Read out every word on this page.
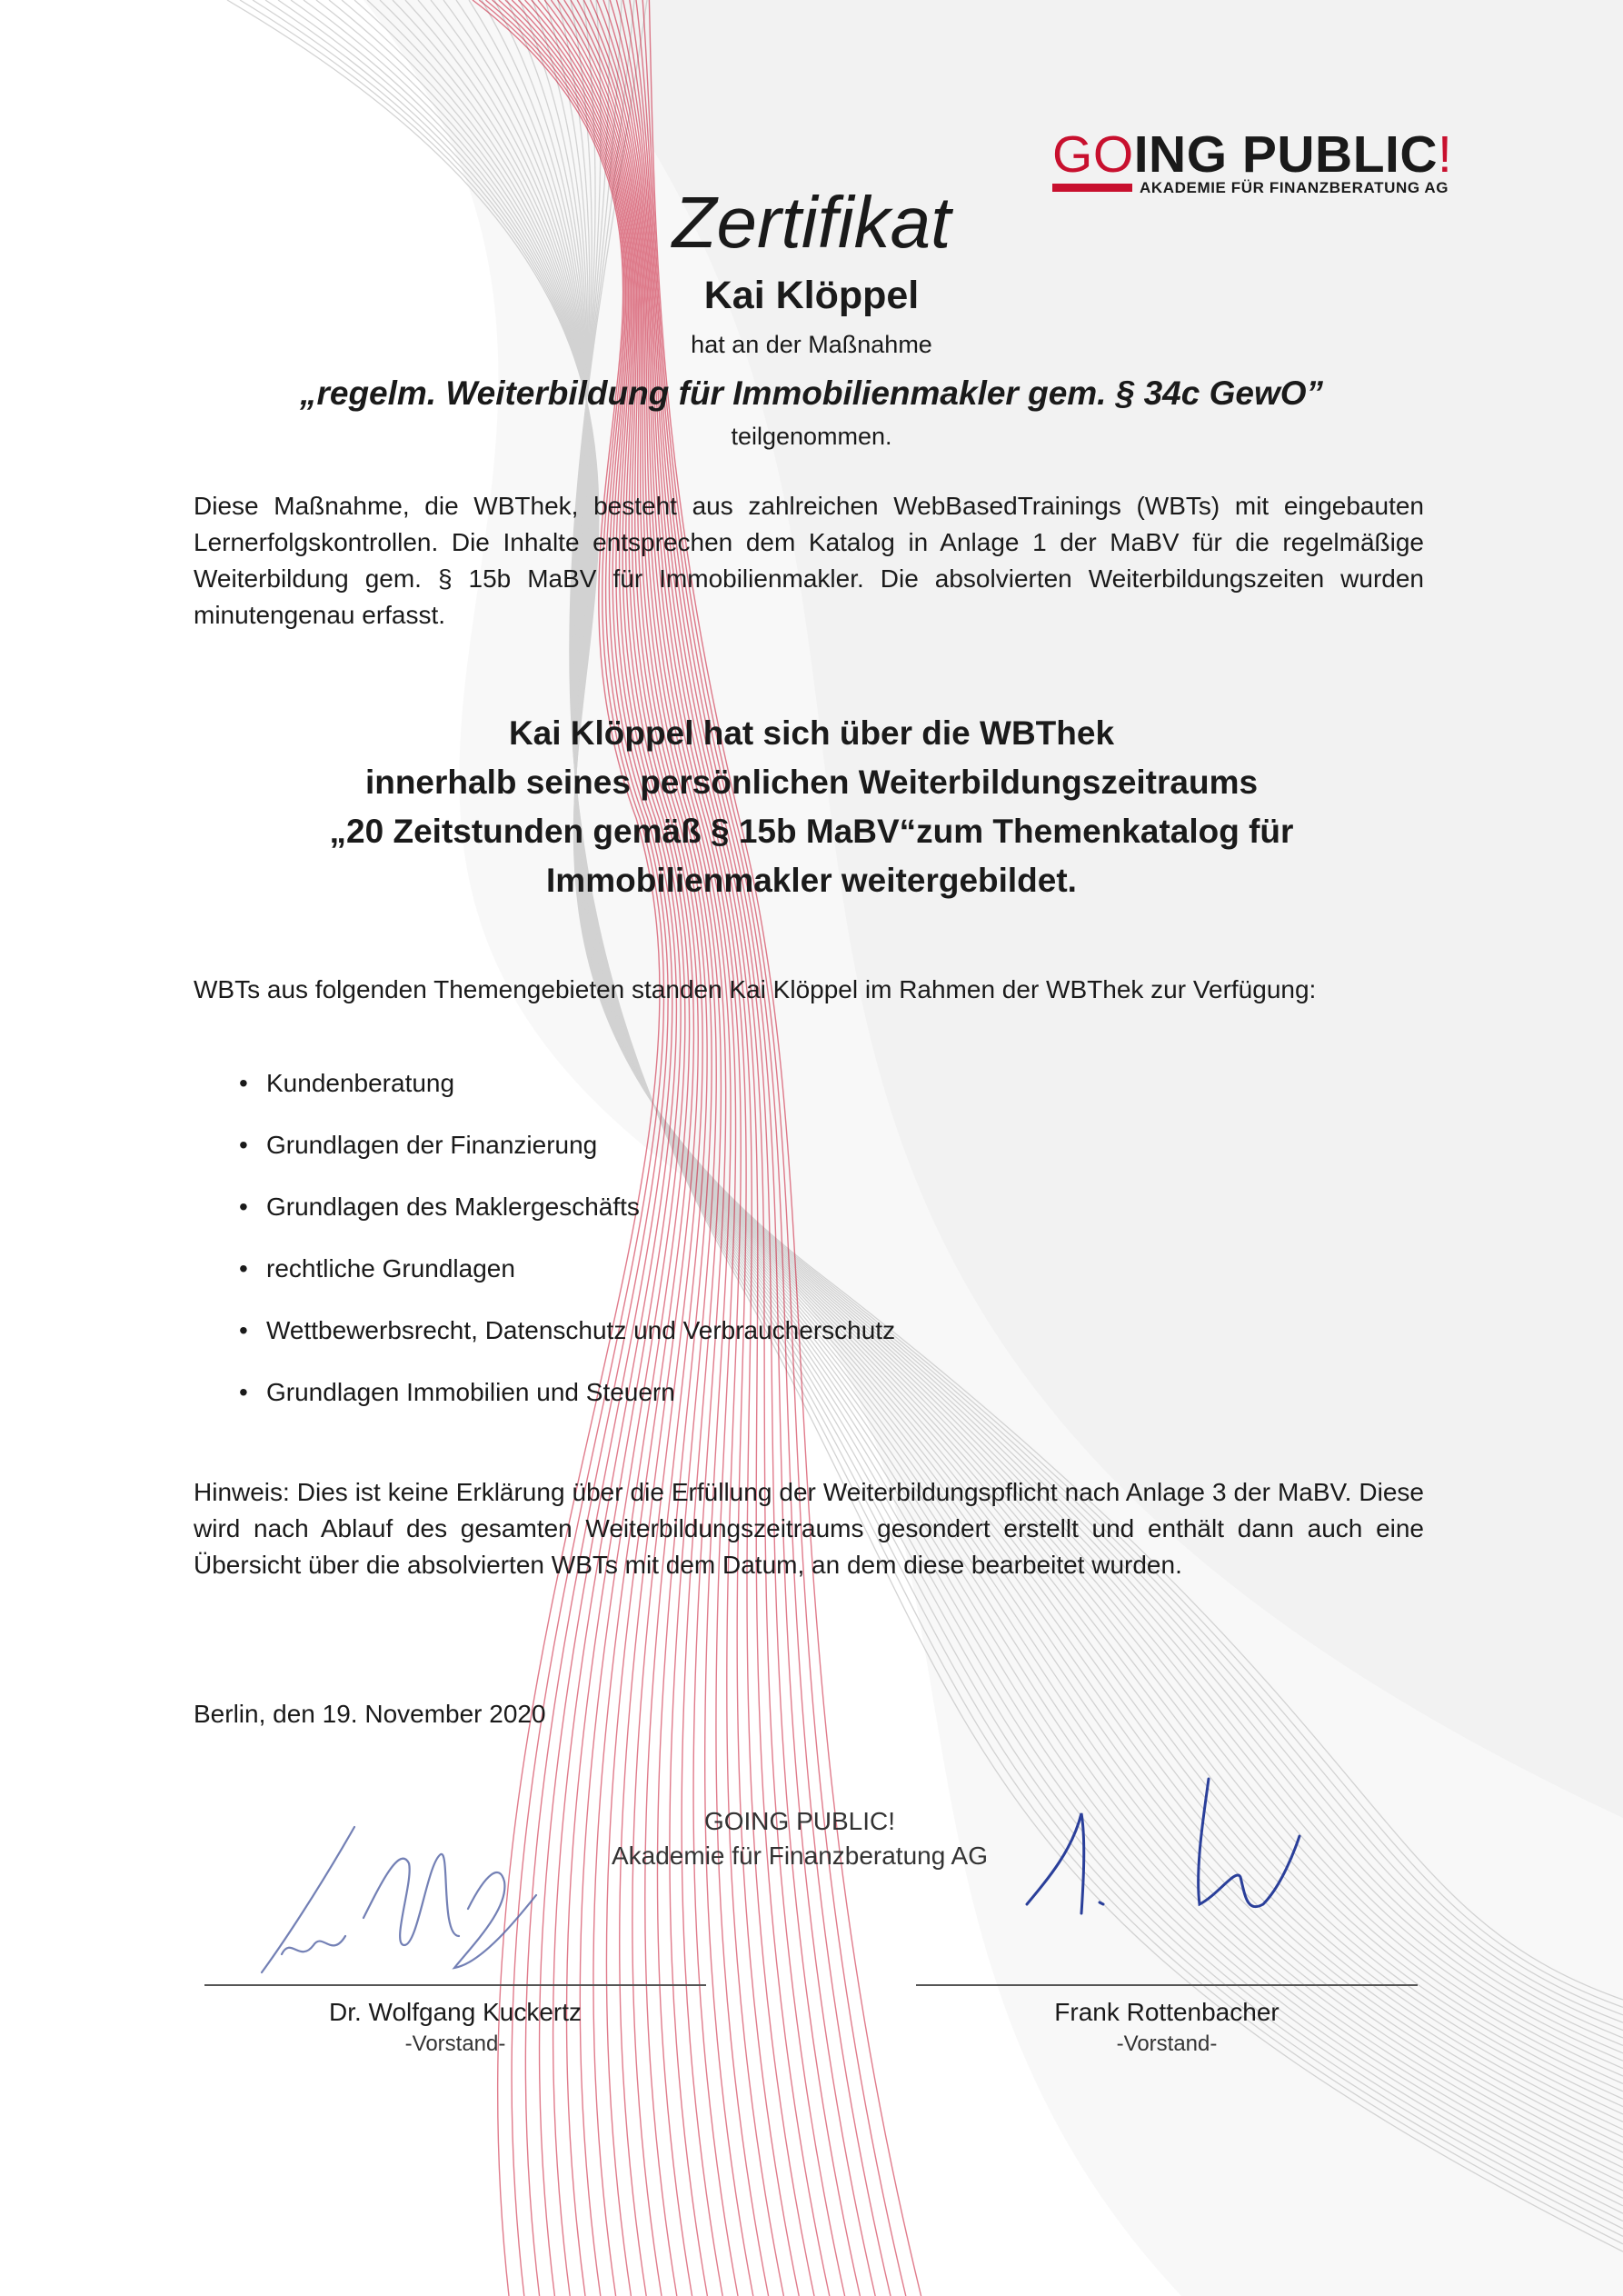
GOING PUBLIC!
AKADEMIE FÜR FINANZBERATUNG AG
Zertifikat
Kai Klöppel
hat an der Maßnahme
„regelm. Weiterbildung für Immobilienmakler gem. § 34c GewO”
teilgenommen.
Diese Maßnahme, die WBThek, besteht aus zahlreichen WebBasedTrainings (WBTs) mit eingebauten Lernerfolgskontrollen. Die Inhalte entsprechen dem Katalog in Anlage 1 der MaBV für die regelmäßige Weiterbildung gem. § 15b MaBV für Immobilienmakler. Die absolvierten Weiterbildungszeiten wurden minutengenau erfasst.
Kai Klöppel hat sich über die WBThek
innerhalb seines persönlichen Weiterbildungszeitraums
„20 Zeitstunden gemäß § 15b MaBV“zum Themenkatalog für
Immobilienmakler weitergebildet.
WBTs aus folgenden Themengebieten standen Kai Klöppel im Rahmen der WBThek zur Verfügung:
• Kundenberatung
• Grundlagen der Finanzierung
• Grundlagen des Maklergeschäfts
• rechtliche Grundlagen
• Wettbewerbsrecht, Datenschutz und Verbraucherschutz
• Grundlagen Immobilien und Steuern
Hinweis: Dies ist keine Erklärung über die Erfüllung der Weiterbildungspflicht nach Anlage 3 der MaBV. Diese wird nach Ablauf des gesamten Weiterbildungszeitraums gesondert erstellt und enthält dann auch eine Übersicht über die absolvierten WBTs mit dem Datum, an dem diese bearbeitet wurden.
Berlin, den 19. November 2020
GOING PUBLIC!
Akademie für Finanzberatung AG
Dr. Wolfgang Kuckertz
-Vorstand-
Frank Rottenbacher
-Vorstand-
